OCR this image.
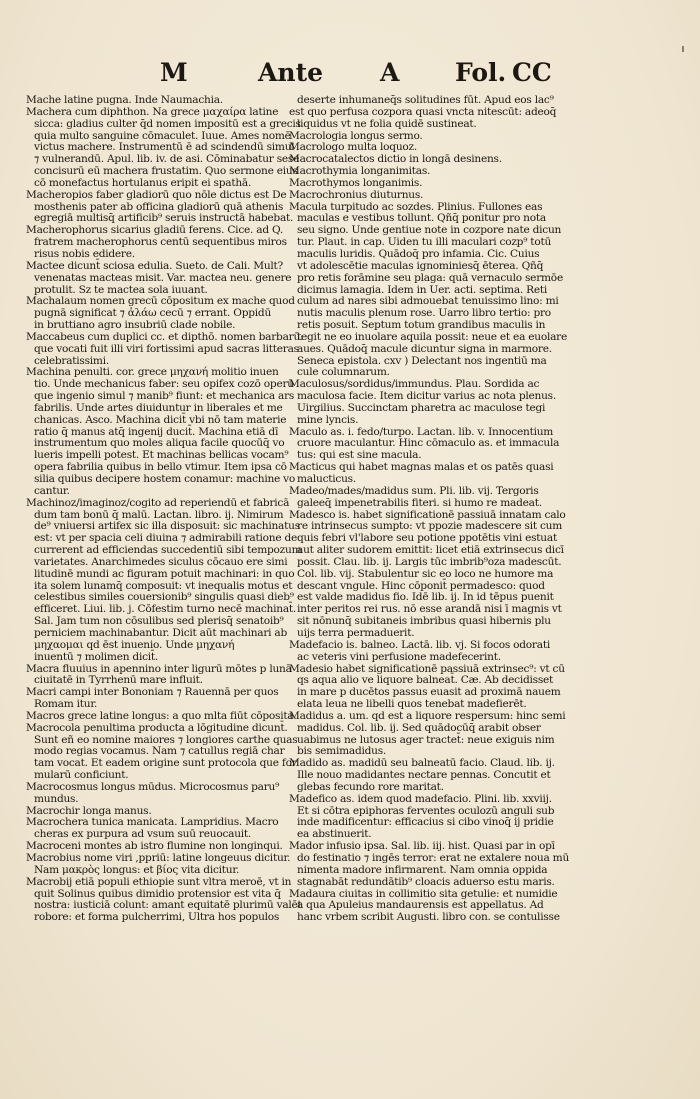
M	Ante A Fol. CC
Mache latine pugna. Inde Naumachia.
Machera cum diphthon. Na grece μαχαίρα latine
sicca: gladius culter q̄d nomen impositū est a grecis
quia multo sanguine cōmaculet. Iuue. Ames nomē
victus machere. Instrumentū ē ad scindendū simul
⁊ vulnerandū. Apul. lib. iv. de asi. Cōminabatur sese
concisurū eū machera frustatim. Quo sermone eius
cō monefactus hortulanus eripit ei spathā.
Macheropios faber gladiorū quo nōle dictus est De
mosthenis pater ab officina gladiorū quā athenis
egregiā multisq̄ artificib⁹ seruis instructā habebat.
Macherophorus sicarius gladiū ferens. Cice. ad Q.
fratrem macherophorus centū sequentibus miros
risus nobis edidere.
Mactee dicunt̄ sciosa edulia. Sueto. de Cali. Mult?
venenatas macteas misit. Var. mactea neu. genere
protulit. Sz te mactea sola iuuant.
Machalaum nomen grecū cōpositum ex mache quod
pugnā significat ⁊ ἀλάω cecū ⁊ errant. Oppidū
in bruttiano agro insubriū clade nobile.
Maccabeus cum duplici cc. et dipthō. nomen barbarū:
que vocati fuit illi viri fortissimi apud sacras litteras
celebratissimi.
Machina penulti. cor. grece μηχανή molitio inuen
tio. Unde mechanicus faber: seu opifex cozō operū
que ingenio simul ⁊ manib⁹ fiunt: et mechanica ars
fabrilis. Unde artes diuiduntur in liberales et me
chanicas. Asco. Machina dicit̄ vbi nō tam materie
ratio q̄ manus atq̄ ingenij ducit̄. Machina etiā dī
instrumentum quo moles aliqua facile quocūq̄ vo
lueris impelli potest. Et machinas bellicas vocam⁹
opera fabrilia quibus in bello vtimur. Item ipsa cō
silia quibus decipere hostem conamur: machine vo
cantur.
Machinoz/imaginoz/cogito ad reperiendū et fabricā
dum tam bonū q̄ malū. Lactan. libro. ij. Nimirum
de⁹ vniuersi artifex sic illa disposuit: sic machinatus
est: vt per spacia celi diuina ⁊ admirabili ratione de
currerent ad efficiendas succedentiū sibi tempozum
varietates. Anarchimedes siculus cōcauo ere simi
litudinē mundi ac figuram potuit machinari: in quo
ita solem lunamq̄ composuit: vt inequalis motus et
celestibus similes couersionib⁹ singulis quasi dieb⁹
efficeret. Liui. lib. j. Cōfestim turno necē machinat̄.
Sal. Jam tum non cōsulibus sed plerisq̄ senatoib⁹
perniciem machinabantur. Dicit aūt machinari ab
μηχαομαι qd ēst inuenio. Unde μηχανή
inuentū ⁊ molimen dicit̄.
Macra fluuius in apennino inter ligurū mōtes p lunā
ciuitatē in Tyrrhenū mare influit.
Macri campi inter Bononiam ⁊ Rauennā per quos
Romam itur.
Macros grece latine longus: a quo mlta fiūt cōposita.
Macrocola penultima producta a lōgitudine dicunt̄.
Sunt eñ eo nomine maiores ⁊ longiores carthe quas
modo regias vocamus. Nam ⁊ catullus regiā char
tam vocat. Et eadem origine sunt protocola que for
mularū conficiunt.
Macrocosmus longus mūdus. Microcosmus paru⁹
mundus.
Macrochir longa manus.
Macrochera tunica manicata. Lampridius. Macro
cheras ex purpura ad vsum suū reuocauit.
Macroceni montes ab istro flumine non longinqui.
Macrobius nome viri ,ppriū: latine longeuus dicitur.
Nam μακρὸς longus: et βίος vita dicitur.
Macrobij etiā populi ethiopie sunt vltra meroē, vt in
quit Solinus quibus dimidio protensior est vita q̄
nostra: iusticiā colunt: amant equitatē plurimū valēt
robore: et forma pulcherrimi, Ultra hos populos
deserte inhumaneq̄s solitudines fūt. Apud eos lac⁹
est quo perfusa cozpora quasi vncta nitescūt: adeoq̄
liquidus vt ne folia quidē sustineat.
Macrologia longus sermo.
Macrologo multa loquoz.
Macrocatalectos dictio in longā desinens.
Macrothymia longanimitas.
Macrothymos longanimis.
Macrochronius diuturnus.
Macula turpitudo ac sozdes. Plinius. Fullones eas
maculas e vestibus tollunt. Qñq̄ ponitur pro nota
seu signo. Unde gentiue note in cozpore nate dicun
tur. Plaut. in cap. Uiden tu illi maculari cozp⁹ totū
maculis luridis. Quādoq̄ pro infamia. Cic. Cuius
vt adolescētie maculas ignominiesq̄ ēterea. Qñq̄
pro retis forāmine seu plaga: quā vernaculo sermōe
dicimus lamagia. Idem in Uer. acti. septima. Reti
culum ad nares sibi admouebat tenuissimo lino: mi
nutis maculis plenum rose. Uarro libro tertio: pro
retis posuit. Septum totum grandibus maculis in
tegit ne eo inuolare aquila possit: neue et ea euolare
aues. Quādoq̄ macule dicuntur signa in marmore.
Seneca epistola. cxv ) Delectant nos ingentiū ma
cule columnarum.
Maculosus/sordidus/immundus. Plau. Sordida ac
maculosa facie. Item dicitur varius ac nota plenus.
Uirgilius. Succinctam pharetra ac maculose tegi
mine lyncis.
Maculo as. i. fedo/turpo. Lactan. lib. v. Innocentium
cruore maculantur. Hinc cōmaculo as. et immacula
tus: qui est sine macula.
Macticus qui habet magnas malas et os patēs quasi
malucticus.
Madeo/mades/madidus sum. Pli. lib. vij. Tergoris
galeeq̄ impenetrabilis fiteri. si humo re madeat.
Madesco is. habet significationē passiuā innatam calo
re intrinsecus sumpto: vt ppozie madescere sit cum
quis febri vl'labore seu potione ppotētis vini estuat
aut aliter sudorem emittit: licet etiā extrinsecus dicī
possit. Clau. lib. ij. Largis tūc imbrib⁹oza madescūt.
Col. lib. vij. Stabulentur sic eo loco ne humore ma
descant vngule. Hinc cōponit̄ permadesco: quod
est valde madidus fio. Idē lib. ij. In id tēpus puenit
inter peritos rei rus. nō esse arandā nisi ī magnis vt
sit nōnunq̄ subitaneis imbribus quasi hibernis plu
uijs terra permaduerit.
Madefacio is. balneo. Lactā. lib. vj. Si focos odorati
ac veteris vini perfusione madefecerint.
Madesio habet significationē passiuā extrinsec⁹: vt cū
qs aqua alio ve liquore balneat̄. Cæ. Ab decidisset
in mare p ducētos passus euasit ad proximā nauem
elata leua ne libelli quos tenebat madefierēt.
Madidus a. um. qd est a liquore respersum: hinc semi
madidus. Col. lib. ij. Sed quādocūq̄ arabit obser
uabimus ne lutosus ager tractet̄: neue exiguis nim
bis semimadidus.
Madido as. madidū seu balneatū facio. Claud. lib. ij.
Ille nouo madidantes nectare pennas. Concutit et
glebas fecundo rore maritat.
Madefico as. idem quod madefacio. Plini. lib. xxviij.
Et si cōtra epiphoras ferventes oculozū anguli sub
inde madificentur: efficacius si cibo vinoq̄ ij pridie
ea abstinuerit.
Mador infusio ipsa. Sal. lib. iij. hist. Quasi par in opī
do festinatio ⁊ ingēs terror: erat ne extalere noua mū
nimenta madore infirmarent. Nam omnia oppida
stagnabāt redundātib⁹ cloacis aduerso estu maris.
Madaura ciuitas in collimitio sita getulie: et numidie
a qua Apuleius mandaurensis est appellatus. Ad
hanc vrbem scribit Augusti. libro con. se contulisse
